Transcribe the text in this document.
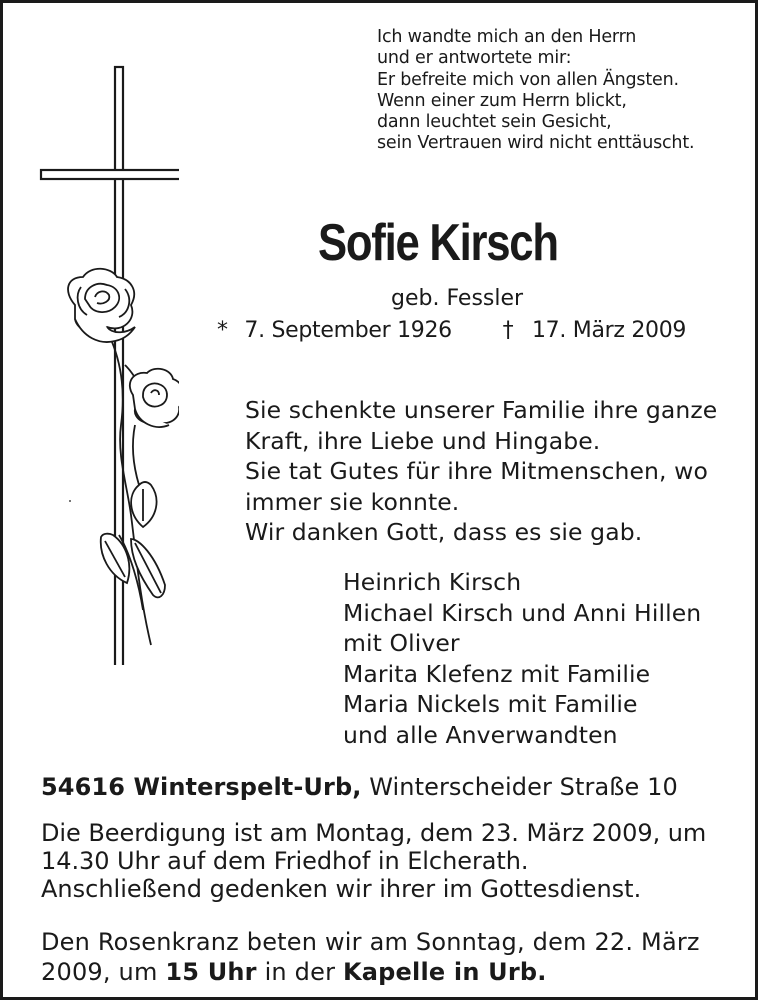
Ich wandte mich an den Herrn
und er antwortete mir:
Er befreite mich von allen Ängsten.
Wenn einer zum Herrn blickt,
dann leuchtet sein Gesicht,
sein Vertrauen wird nicht enttäuscht.
Sofie Kirsch
geb. Fessler
* 7. September 1926 † 17. März 2009
Sie schenkte unserer Familie ihre ganze
Kraft, ihre Liebe und Hingabe.
Sie tat Gutes für ihre Mitmenschen, wo
immer sie konnte.
Wir danken Gott, dass es sie gab.
Heinrich Kirsch
Michael Kirsch und Anni Hillen
mit Oliver
Marita Klefenz mit Familie
Maria Nickels mit Familie
und alle Anverwandten
54616 Winterspelt-Urb, Winterscheider Straße 10
Die Beerdigung ist am Montag, dem 23. März 2009, um
14.30 Uhr auf dem Friedhof in Elcherath.
Anschließend gedenken wir ihrer im Gottesdienst.
Den Rosenkranz beten wir am Sonntag, dem 22. März
2009, um 15 Uhr in der Kapelle in Urb.
